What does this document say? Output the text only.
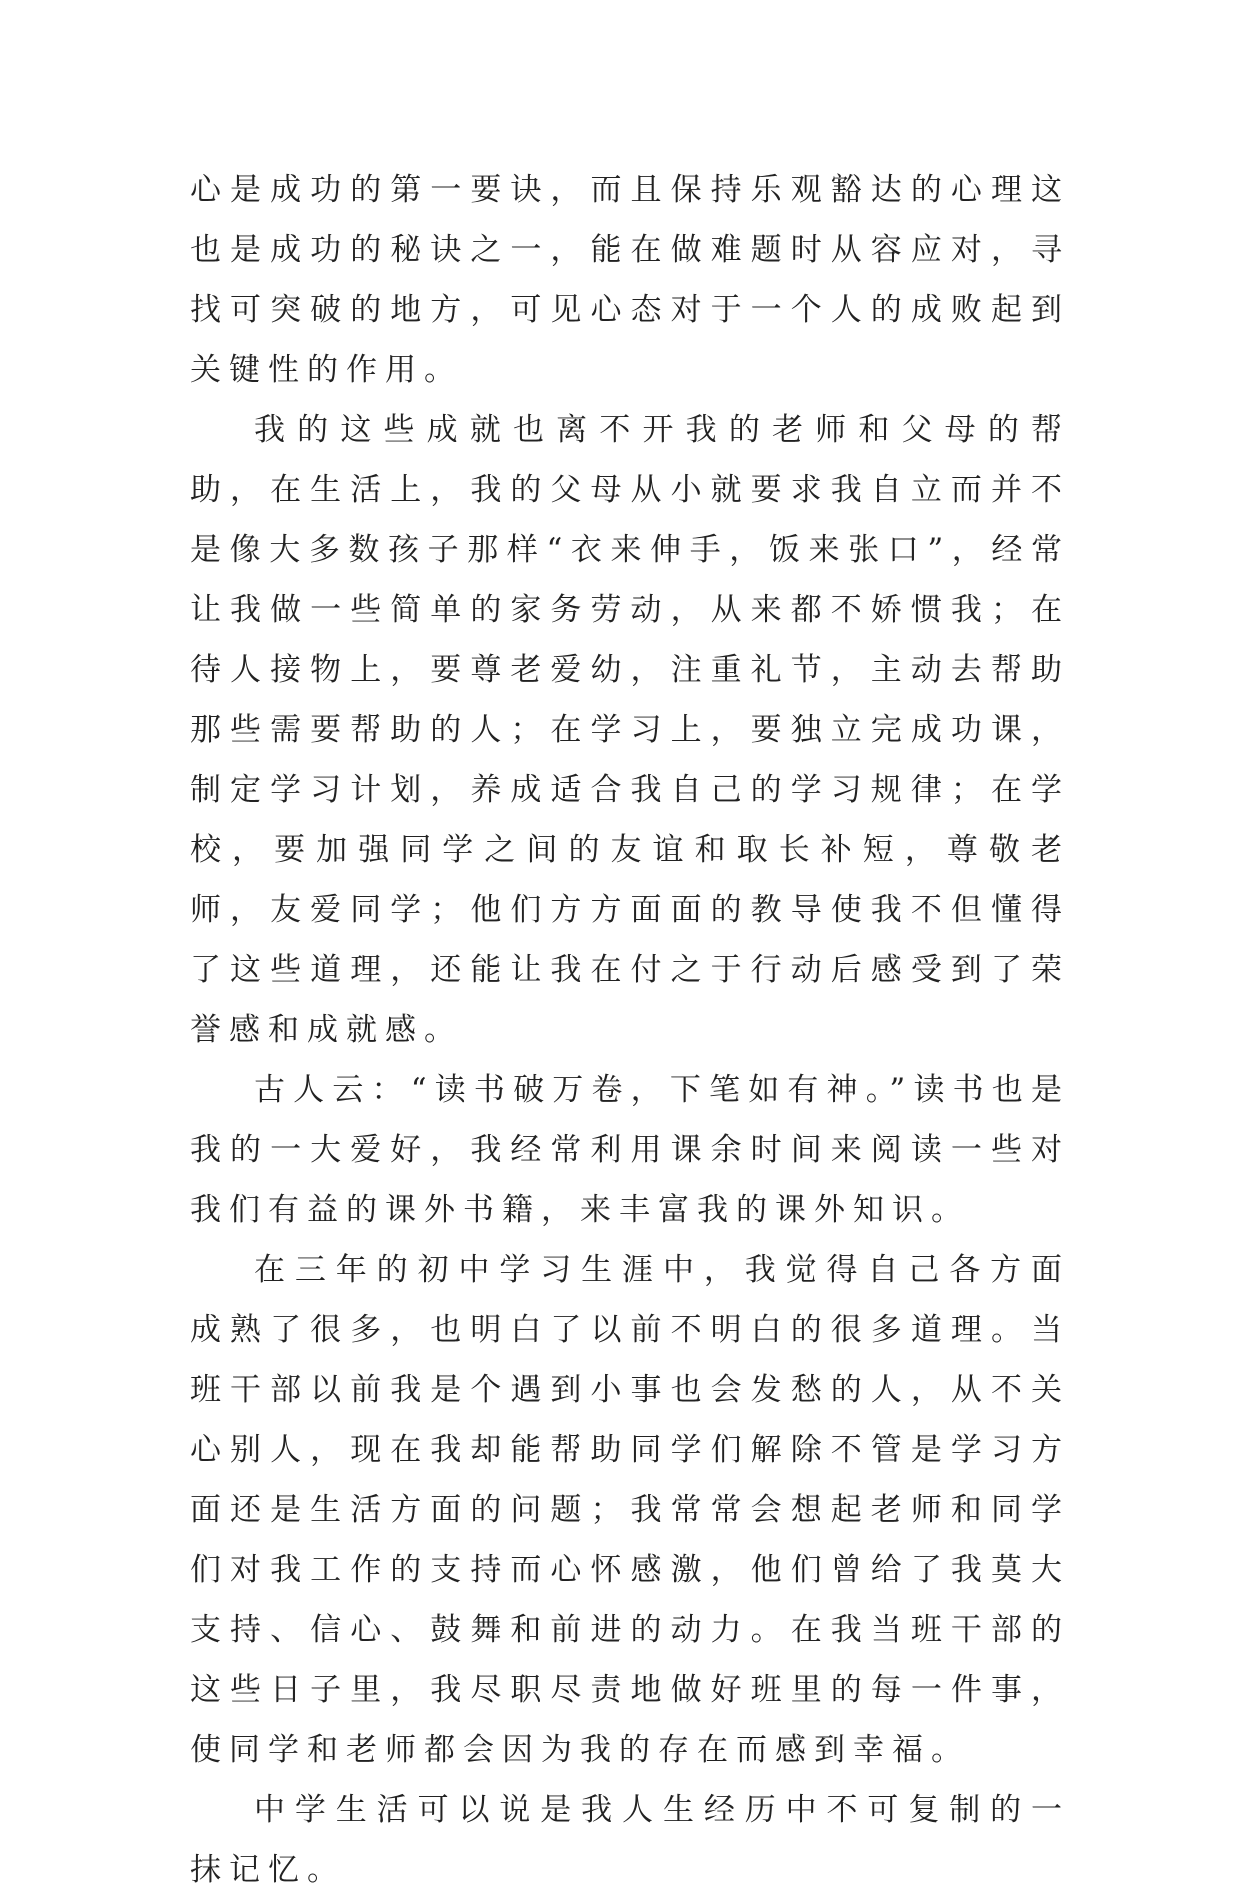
心是成功的第一要诀，而且保持乐观豁达的心理这也是成功的秘诀之一，能在做难题时从容应对，寻找可突破的地方，可见心态对于一个人的成败起到关键性的作用。

我的这些成就也离不开我的老师和父母的帮助，在生活上，我的父母从小就要求我自立而并不是像大多数孩子那样“衣来伸手，饭来张口”，经常让我做一些简单的家务劳动，从来都不娇惯我；在待人接物上，要尊老爱幼，注重礼节，主动去帮助那些需要帮助的人；在学习上，要独立完成功课，制定学习计划，养成适合我自己的学习规律；在学校，要加强同学之间的友谊和取长补短，尊敬老师，友爱同学；他们方方面面的教导使我不但懂得了这些道理，还能让我在付之于行动后感受到了荣誉感和成就感。

古人云：“读书破万卷，下笔如有神。”读书也是我的一大爱好，我经常利用课余时间来阅读一些对我们有益的课外书籍，来丰富我的课外知识。

在三年的初中学习生涯中，我觉得自己各方面成熟了很多，也明白了以前不明白的很多道理。当班干部以前我是个遇到小事也会发愁的人，从不关心别人，现在我却能帮助同学们解除不管是学习方面还是生活方面的问题；我常常会想起老师和同学们对我工作的支持而心怀感激，他们曾给了我莫大支持、信心、鼓舞和前进的动力。在我当班干部的这些日子里，我尽职尽责地做好班里的每一件事，使同学和老师都会因为我的存在而感到幸福。

中学生活可以说是我人生经历中不可复制的一抹记忆。
